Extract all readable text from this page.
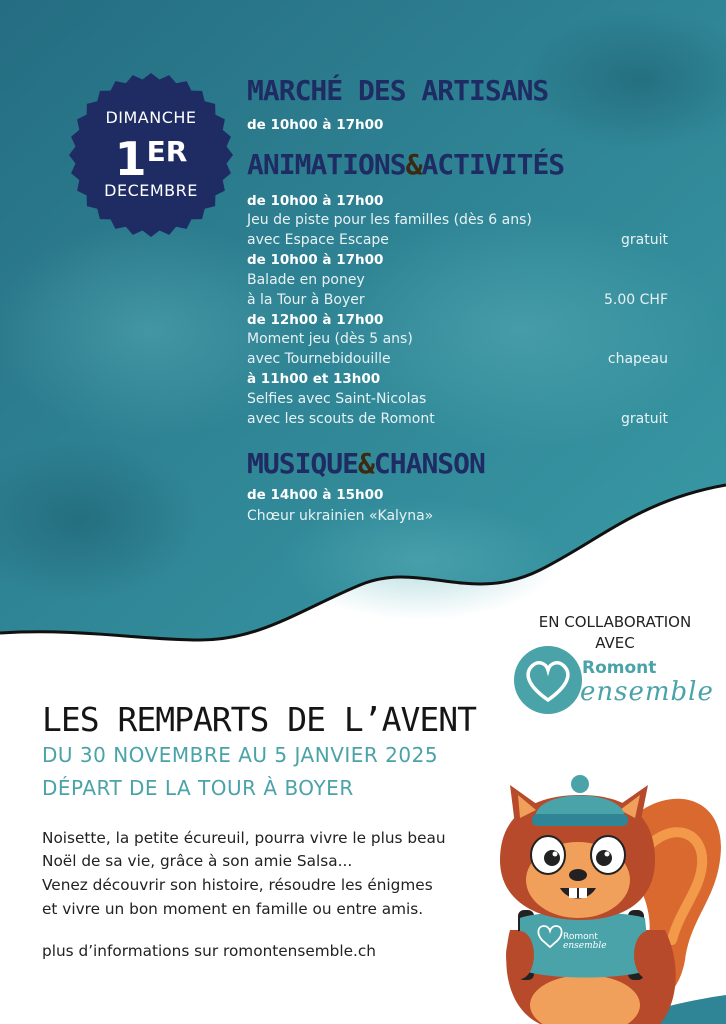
DIMANCHE
1ER
DECEMBRE
MARCHÉ DES ARTISANS
de 10h00 à 17h00
ANIMATIONS&ACTIVITÉS
de 10h00 à 17h00
Jeu de piste pour les familles (dès 6 ans)
avec Espace Escape	gratuit
de 10h00 à 17h00
Balade en poney
à la Tour à Boyer	5.00 CHF
de 12h00 à 17h00
Moment jeu (dès 5 ans)
avec Tournebidouille	chapeau
à 11h00 et 13h00
Selfies avec Saint-Nicolas
avec les scouts de Romont	gratuit
MUSIQUE&CHANSON
de 14h00 à 15h00
Chœur ukrainien «Kalyna»
EN COLLABORATION
AVEC
Romont
ensemble
LES REMPARTS DE L’AVENT
DU 30 NOVEMBRE AU 5 JANVIER 2025
DÉPART DE LA TOUR À BOYER
Noisette, la petite écureuil, pourra vivre le plus beau
Noël de sa vie, grâce à son amie Salsa...
Venez découvrir son histoire, résoudre les énigmes
et vivre un bon moment en famille ou entre amis.
plus d’informations sur romontensemble.ch
Romont
ensemble
